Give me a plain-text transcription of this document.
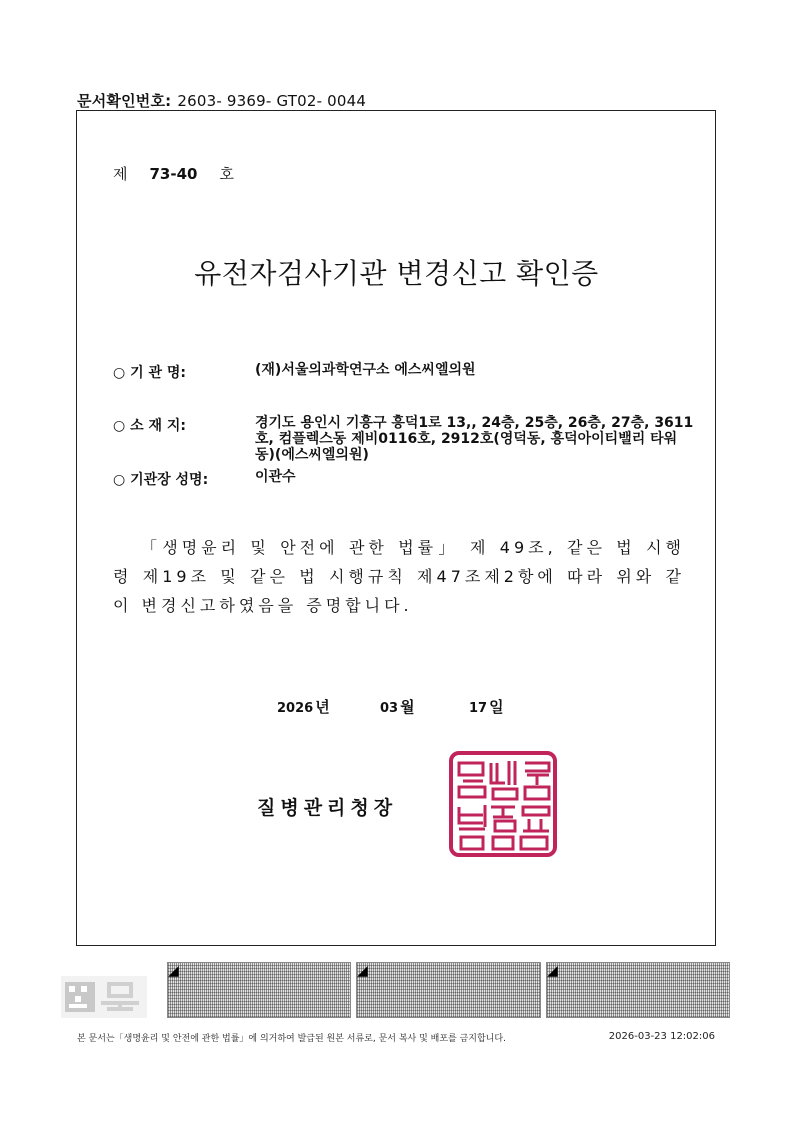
문서확인번호: 2603- 9369- GT02- 0044
제 73-40 호
유전자검사기관 변경신고 확인증
○ 기 관 명:	(재)서울의과학연구소 에스씨엘의원
○ 소 재 지:	경기도 용인시 기흥구 흥덕1로 13,, 24층, 25층, 26층, 27층, 3611호, 컴플렉스동 제비0116호, 2912호(영덕동, 흥덕아이티밸리 타워동)(에스씨엘의원)
○ 기관장 성명:	이관수
「생명윤리 및 안전에 관한 법률」 제 49조, 같은 법 시행령 제19조 및 같은 법 시행규칙 제47조제2항에 따라 위와 같이 변경신고하였음을 증명합니다.
2026 년	03 월	17 일
질병관리청장
◢	◢	◢
본 문서는「생명윤리 및 안전에 관한 법률」에 의거하여 발급된 원본 서류로, 문서 복사 및 배포를 금지합니다.	2026-03-23 12:02:06
